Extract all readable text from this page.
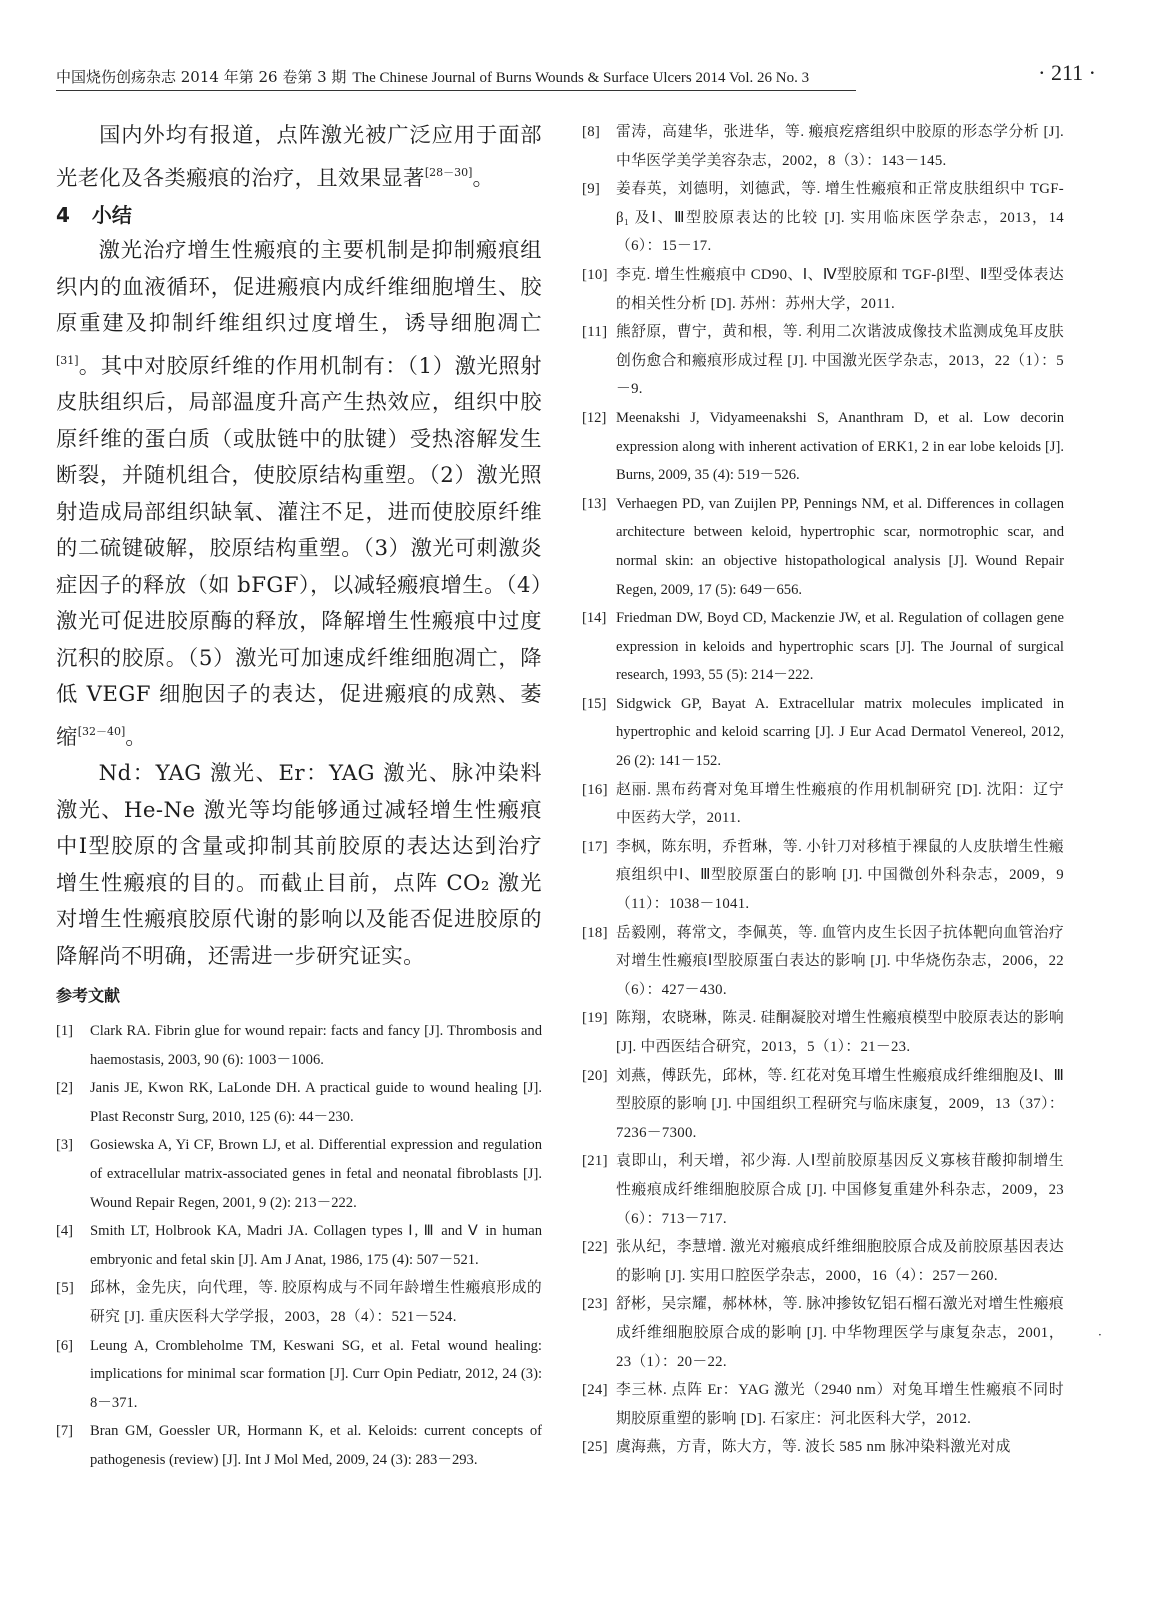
中国烧伤创疡杂志 2014 年第 26 卷第 3 期 The Chinese Journal of Burns Wounds & Surface Ulcers 2014 Vol. 26 No. 3	· 211 ·

国内外均有报道，点阵激光被广泛应用于面部光老化及各类瘢痕的治疗，且效果显著[28－30]。

4 小结

激光治疗增生性瘢痕的主要机制是抑制瘢痕组织内的血液循环，促进瘢痕内成纤维细胞增生、胶原重建及抑制纤维组织过度增生，诱导细胞凋亡[31]。其中对胶原纤维的作用机制有：（1）激光照射皮肤组织后，局部温度升高产生热效应，组织中胶原纤维的蛋白质（或肽链中的肽键）受热溶解发生断裂，并随机组合，使胶原结构重塑。（2）激光照射造成局部组织缺氧、灌注不足，进而使胶原纤维的二硫键破解，胶原结构重塑。（3）激光可刺激炎症因子的释放（如 bFGF），以减轻瘢痕增生。（4）激光可促进胶原酶的释放，降解增生性瘢痕中过度沉积的胶原。（5）激光可加速成纤维细胞凋亡，降低 VEGF 细胞因子的表达，促进瘢痕的成熟、萎缩[32－40]。

Nd：YAG 激光、Er：YAG 激光、脉冲染料激光、He-Ne 激光等均能够通过减轻增生性瘢痕中Ⅰ型胶原的含量或抑制其前胶原的表达达到治疗增生性瘢痕的目的。而截止目前，点阵 CO₂ 激光对增生性瘢痕胶原代谢的影响以及能否促进胶原的降解尚不明确，还需进一步研究证实。

参考文献

[1] Clark RA. Fibrin glue for wound repair: facts and fancy [J]. Thrombosis and haemostasis, 2003, 90 (6): 1003－1006.
[2] Janis JE, Kwon RK, LaLonde DH. A practical guide to wound healing [J]. Plast Reconstr Surg, 2010, 125 (6): 44－230.
[3] Gosiewska A, Yi CF, Brown LJ, et al. Differential expression and regulation of extracellular matrix-associated genes in fetal and neonatal fibroblasts [J]. Wound Repair Regen, 2001, 9 (2): 213－222.
[4] Smith LT, Holbrook KA, Madri JA. Collagen types Ⅰ, Ⅲ and Ⅴ in human embryonic and fetal skin [J]. Am J Anat, 1986, 175 (4): 507－521.
[5] 邱林，金先庆，向代理，等. 胶原构成与不同年龄增生性瘢痕形成的研究 [J]. 重庆医科大学学报，2003，28（4）：521－524.
[6] Leung A, Crombleholme TM, Keswani SG, et al. Fetal wound healing: implications for minimal scar formation [J]. Curr Opin Pediatr, 2012, 24 (3): 8－371.
[7] Bran GM, Goessler UR, Hormann K, et al. Keloids: current concepts of pathogenesis (review) [J]. Int J Mol Med, 2009, 24 (3): 283－293.
[8] 雷涛，高建华，张进华，等. 瘢痕疙瘩组织中胶原的形态学分析 [J]. 中华医学美学美容杂志，2002，8（3）：143－145.
[9] 姜春英，刘德明，刘德武，等. 增生性瘢痕和正常皮肤组织中 TGF-β₁ 及Ⅰ、Ⅲ型胶原表达的比较 [J]. 实用临床医学杂志，2013，14（6）：15－17.
[10] 李克. 增生性瘢痕中 CD90、Ⅰ、Ⅳ型胶原和 TGF-βⅠ型、Ⅱ型受体表达的相关性分析 [D]. 苏州：苏州大学，2011.
[11] 熊舒原，曹宁，黄和根，等. 利用二次谐波成像技术监测成兔耳皮肤创伤愈合和瘢痕形成过程 [J]. 中国激光医学杂志，2013，22（1）：5－9.
[12] Meenakshi J, Vidyameenakshi S, Ananthram D, et al. Low decorin expression along with inherent activation of ERK1, 2 in ear lobe keloids [J]. Burns, 2009, 35 (4): 519－526.
[13] Verhaegen PD, van Zuijlen PP, Pennings NM, et al. Differences in collagen architecture between keloid, hypertrophic scar, normotrophic scar, and normal skin: an objective histopathological analysis [J]. Wound Repair Regen, 2009, 17 (5): 649－656.
[14] Friedman DW, Boyd CD, Mackenzie JW, et al. Regulation of collagen gene expression in keloids and hypertrophic scars [J]. The Journal of surgical research, 1993, 55 (5): 214－222.
[15] Sidgwick GP, Bayat A. Extracellular matrix molecules implicated in hypertrophic and keloid scarring [J]. J Eur Acad Dermatol Venereol, 2012, 26 (2): 141－152.
[16] 赵丽. 黑布药膏对兔耳增生性瘢痕的作用机制研究 [D]. 沈阳：辽宁中医药大学，2011.
[17] 李枫，陈东明，乔哲琳，等. 小针刀对移植于裸鼠的人皮肤增生性瘢痕组织中Ⅰ、Ⅲ型胶原蛋白的影响 [J]. 中国微创外科杂志，2009，9（11）：1038－1041.
[18] 岳毅刚，蒋常文，李佩英，等. 血管内皮生长因子抗体靶向血管治疗对增生性瘢痕Ⅰ型胶原蛋白表达的影响 [J]. 中华烧伤杂志，2006，22（6）：427－430.
[19] 陈翔，农晓琳，陈灵. 硅酮凝胶对增生性瘢痕模型中胶原表达的影响 [J]. 中西医结合研究，2013，5（1）：21－23.
[20] 刘燕，傅跃先，邱林，等. 红花对兔耳增生性瘢痕成纤维细胞及Ⅰ、Ⅲ型胶原的影响 [J]. 中国组织工程研究与临床康复，2009，13（37）：7236－7300.
[21] 袁即山，利天增，祁少海. 人Ⅰ型前胶原基因反义寡核苷酸抑制增生性瘢痕成纤维细胞胶原合成 [J]. 中国修复重建外科杂志，2009，23（6）：713－717.
[22] 张从纪，李慧增. 激光对瘢痕成纤维细胞胶原合成及前胶原基因表达的影响 [J]. 实用口腔医学杂志，2000，16（4）：257－260.
[23] 舒彬，吴宗耀，郝林林，等. 脉冲掺钕钇铝石榴石激光对增生性瘢痕成纤维细胞胶原合成的影响 [J]. 中华物理医学与康复杂志，2001，23（1）：20－22.
[24] 李三林. 点阵 Er：YAG 激光（2940 nm）对兔耳增生性瘢痕不同时期胶原重塑的影响 [D]. 石家庄：河北医科大学，2012.
[25] 虞海燕，方青，陈大方，等. 波长 585 nm 脉冲染料激光对成
·
